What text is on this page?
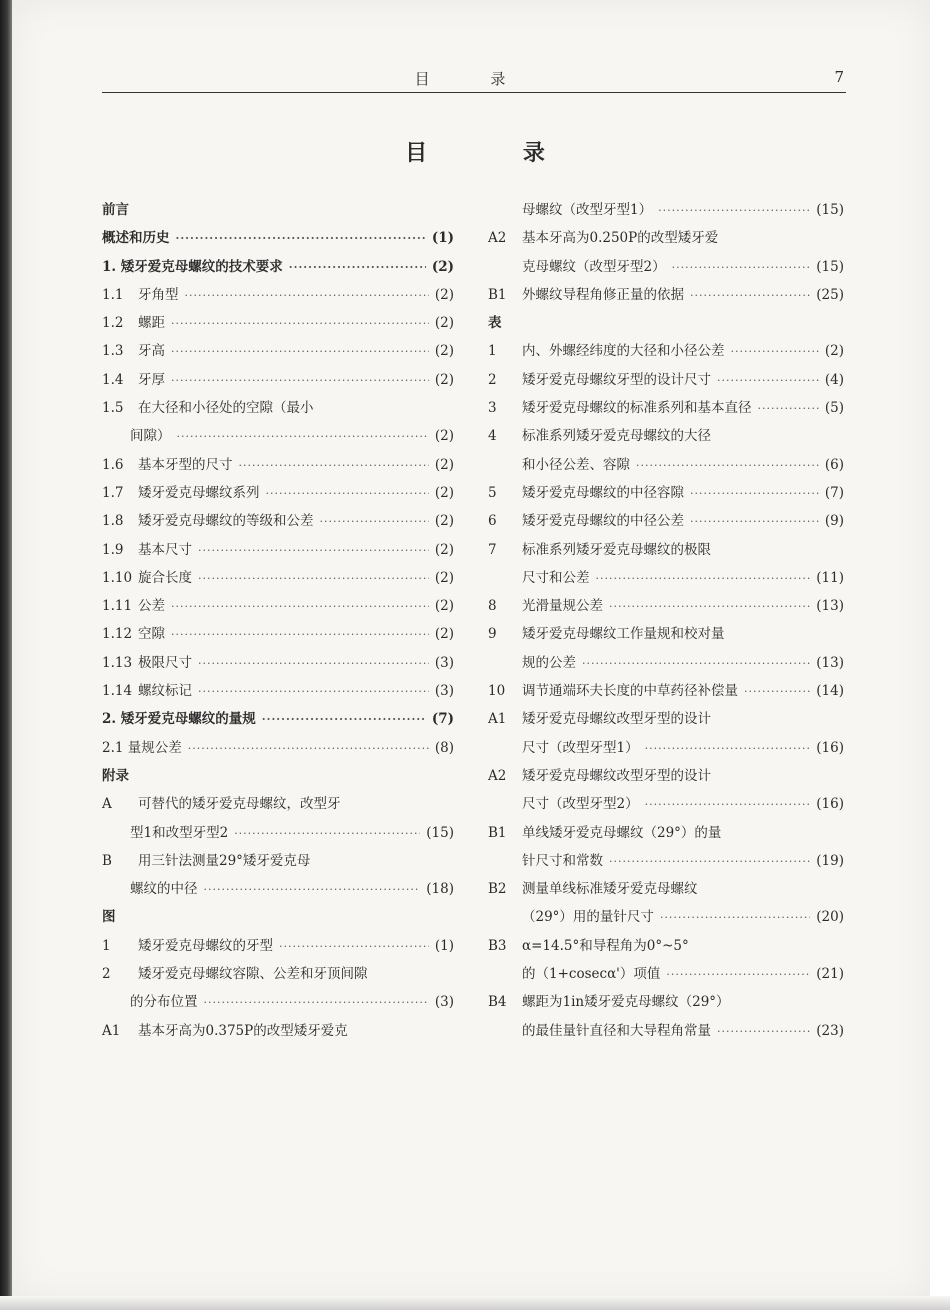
目 录	7
目 录
前言
概述和历史 ·····	(1)
1. 矮牙爱克母螺纹的技术要求 ·····	(2)
1.1	牙角型 ·····	(2)
1.2	螺距 ·····	(2)
1.3	牙高 ·····	(2)
1.4	牙厚 ·····	(2)
1.5	在大径和小径处的空隙（最小
间隙） ·····	(2)
1.6	基本牙型的尺寸 ·····	(2)
1.7	矮牙爱克母螺纹系列 ·····	(2)
1.8	矮牙爱克母螺纹的等级和公差 ·····	(2)
1.9	基本尺寸 ·····	(2)
1.10 旋合长度 ·····	(2)
1.11 公差 ·····	(2)
1.12 空隙 ·····	(2)
1.13 极限尺寸 ·····	(3)
1.14 螺纹标记 ·····	(3)
2. 矮牙爱克母螺纹的量规 ·····	(7)
2.1 量规公差 ·····	(8)
附录
A	可替代的矮牙爱克母螺纹，改型牙
型1和改型牙型2 ·····	(15)
B	用三针法测量29°矮牙爱克母
螺纹的中径 ·····	(18)
图
1	矮牙爱克母螺纹的牙型 ·····	(1)
2	矮牙爱克母螺纹容隙、公差和牙顶间隙
的分布位置 ·····	(3)
A1	基本牙高为0.375P的改型矮牙爱克
母螺纹（改型牙型1） ·····	(15)
A2	基本牙高为0.250P的改型矮牙爱
克母螺纹（改型牙型2） ·····	(15)
B1	外螺纹导程角修正量的依据 ·····	(25)
表
1	内、外螺经纬度的大径和小径公差 ·····	(2)
2	矮牙爱克母螺纹牙型的设计尺寸 ·····	(4)
3	矮牙爱克母螺纹的标准系列和基本直径 ·····	(5)
4	标准系列矮牙爱克母螺纹的大径
和小径公差、容隙 ·····	(6)
5	矮牙爱克母螺纹的中径容隙 ·····	(7)
6	矮牙爱克母螺纹的中径公差 ·····	(9)
7	标准系列矮牙爱克母螺纹的极限
尺寸和公差 ·····	(11)
8	光滑量规公差 ·····	(13)
9	矮牙爱克母螺纹工作量规和校对量
规的公差 ·····	(13)
10	调节通端环夫长度的中草药径补偿量 ·····	(14)
A1	矮牙爱克母螺纹改型牙型的设计
尺寸（改型牙型1） ·····	(16)
A2	矮牙爱克母螺纹改型牙型的设计
尺寸（改型牙型2） ·····	(16)
B1	单线矮牙爱克母螺纹（29°）的量
针尺寸和常数 ·····	(19)
B2	测量单线标准矮牙爱克母螺纹
（29°）用的量针尺寸 ·····	(20)
B3	α=14.5°和导程角为0°~5°
的（1+cosecα'）项值 ·····	(21)
B4	螺距为1in矮牙爱克母螺纹（29°）
的最佳量针直径和大导程角常量 ·····	(23)
